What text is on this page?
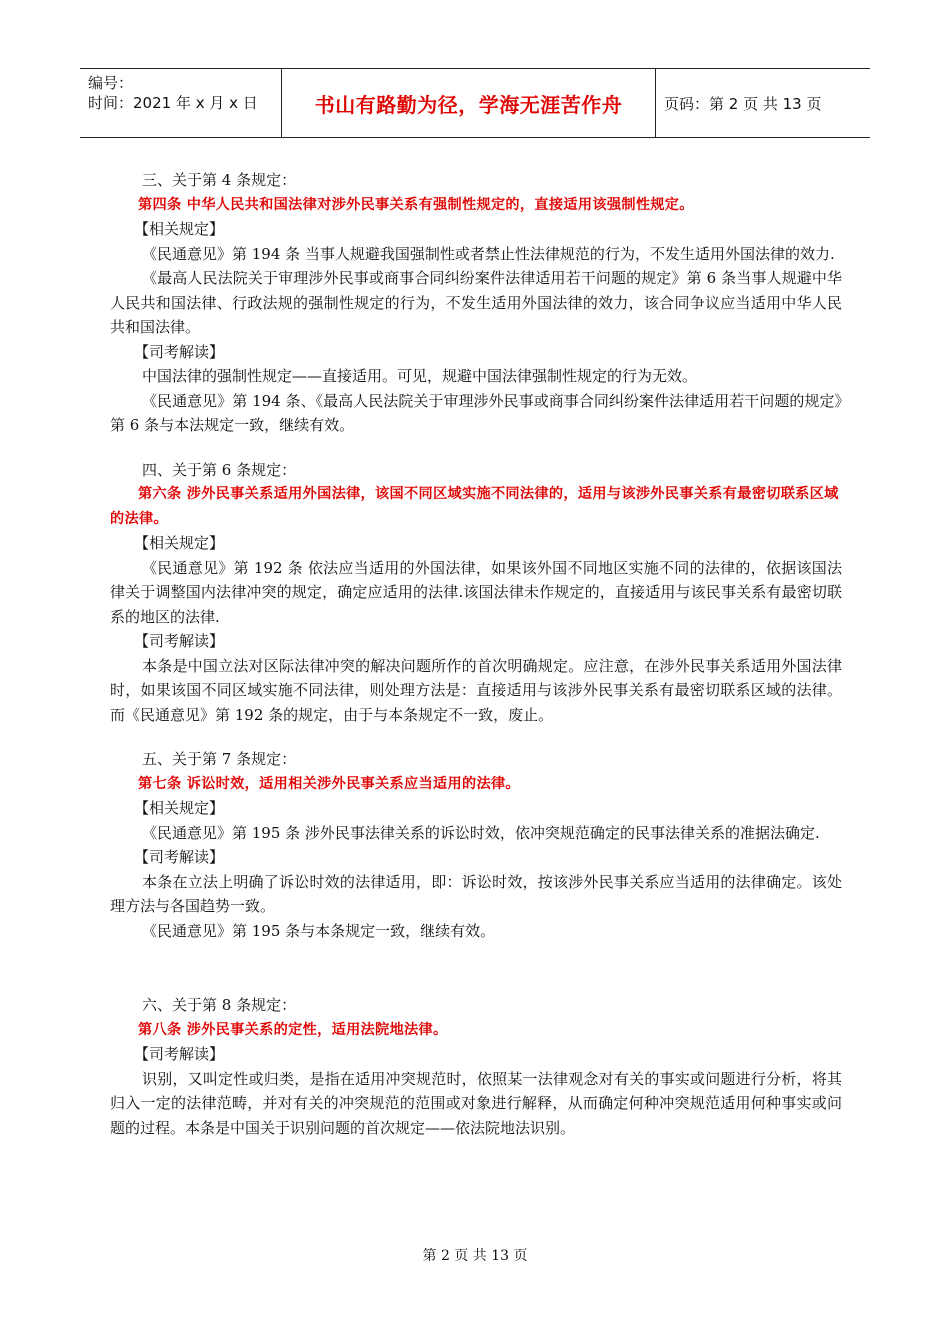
编号：
时间：2021 年 x 月 x 日	书山有路勤为径，学海无涯苦作舟	页码：第 2 页 共 13 页

三、关于第 4 条规定：

第四条 中华人民共和国法律对涉外民事关系有强制性规定的，直接适用该强制性规定。

【相关规定】

《民通意见》第 194 条 当事人规避我国强制性或者禁止性法律规范的行为，不发生适用外国法律的效力.

《最高人民法院关于审理涉外民事或商事合同纠纷案件法律适用若干问题的规定》第 6 条当事人规避中华人民共和国法律、行政法规的强制性规定的行为，不发生适用外国法律的效力，该合同争议应当适用中华人民共和国法律。

【司考解读】

中国法律的强制性规定——直接适用。可见，规避中国法律强制性规定的行为无效。

《民通意见》第 194 条、《最高人民法院关于审理涉外民事或商事合同纠纷案件法律适用若干问题的规定》第 6 条与本法规定一致，继续有效。

四、关于第 6 条规定：

第六条 涉外民事关系适用外国法律，该国不同区域实施不同法律的，适用与该涉外民事关系有最密切联系区域的法律。

【相关规定】

《民通意见》第 192 条 依法应当适用的外国法律，如果该外国不同地区实施不同的法律的，依据该国法律关于调整国内法律冲突的规定，确定应适用的法律.该国法律未作规定的，直接适用与该民事关系有最密切联系的地区的法律.

【司考解读】

本条是中国立法对区际法律冲突的解决问题所作的首次明确规定。应注意，在涉外民事关系适用外国法律时，如果该国不同区域实施不同法律，则处理方法是：直接适用与该涉外民事关系有最密切联系区域的法律。而《民通意见》第 192 条的规定，由于与本条规定不一致，废止。

五、关于第 7 条规定：

第七条 诉讼时效，适用相关涉外民事关系应当适用的法律。

【相关规定】

《民通意见》第 195 条 涉外民事法律关系的诉讼时效，依冲突规范确定的民事法律关系的准据法确定.

【司考解读】

本条在立法上明确了诉讼时效的法律适用，即：诉讼时效，按该涉外民事关系应当适用的法律确定。该处理方法与各国趋势一致。

《民通意见》第 195 条与本条规定一致，继续有效。

六、关于第 8 条规定：

第八条 涉外民事关系的定性，适用法院地法律。

【司考解读】

识别，又叫定性或归类，是指在适用冲突规范时，依照某一法律观念对有关的事实或问题进行分析，将其归入一定的法律范畴，并对有关的冲突规范的范围或对象进行解释，从而确定何种冲突规范适用何种事实或问题的过程。本条是中国关于识别问题的首次规定——依法院地法识别。

第 2 页 共 13 页
